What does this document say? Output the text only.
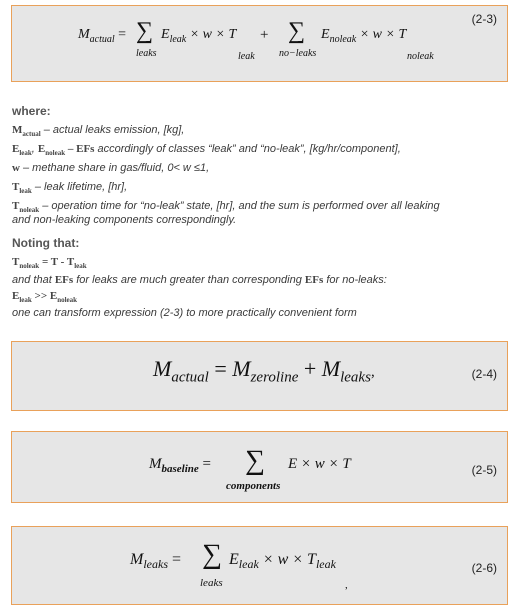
(2-3)
$M_{actual}$ = ∑
leaks
$E_{leak} \times w \times T$
leak
+ ∑
no−leaks
$E_{noleak} \times w \times T$
noleak
where:
$M_{actual}$ – actual leaks emission, [kg],
$E_{leak}$, $E_{noleak}$ – EFs accordingly of classes “leak” and “no-leak”, [kg/hr/component],
w – methane share in gas/fluid, 0< w ≤1,
$T_{leak}$ – leak lifetime, [hr],
$T_{noleak}$ – operation time for “no-leak” state, [hr], and the sum is performed over all leaking
and non-leaking components correspondingly.
Noting that:
$T_{noleak} = T - T_{leak}$
and that EFs for leaks are much greater than corresponding EFs for no-leaks:
$E_{leak} >> E_{noleak}$
one can transform expression (2-3) to more practically convenient form
(2-4)
$M_{actual} = M_{zeroline} + M_{leaks}$,
(2-5)
$M_{baseline}$ = ∑
components
E × w × T
(2-6)
$M_{leaks}$ = ∑
leaks
$E_{leak} \times w \times T_{leak}$
,
